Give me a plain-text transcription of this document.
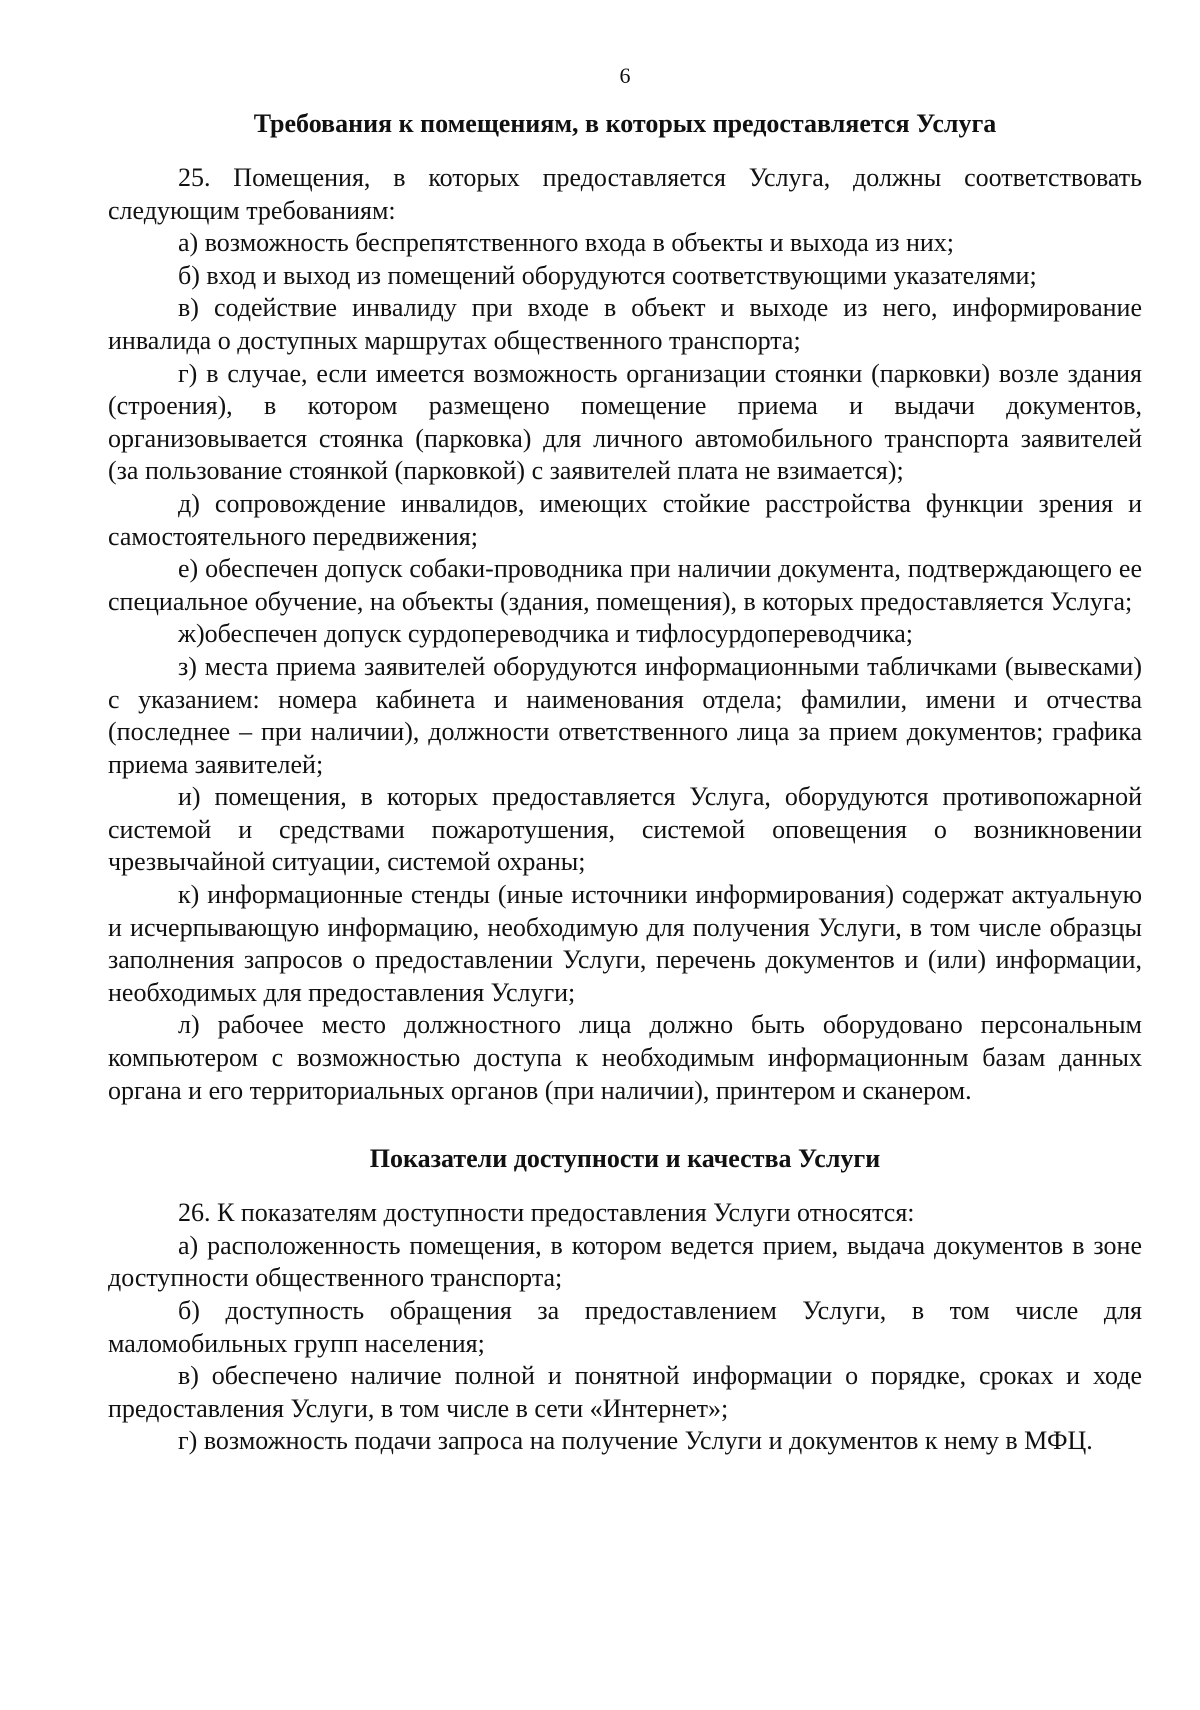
6
Требования к помещениям, в которых предоставляется Услуга

25. Помещения, в которых предоставляется Услуга, должны соответствовать следующим требованиям:

а) возможность беспрепятственного входа в объекты и выхода из них;

б) вход и выход из помещений оборудуются соответствующими указателями;

в) содействие инвалиду при входе в объект и выходе из него, информирование инвалида о доступных маршрутах общественного транспорта;

г) в случае, если имеется возможность организации стоянки (парковки) возле здания (строения), в котором размещено помещение приема и выдачи документов, организовывается стоянка (парковка) для личного автомобильного транспорта заявителей (за пользование стоянкой (парковкой) с заявителей плата не взимается);

д) сопровождение инвалидов, имеющих стойкие расстройства функции зрения и самостоятельного передвижения;

е) обеспечен допуск собаки-проводника при наличии документа, подтверждающего ее специальное обучение, на объекты (здания, помещения), в которых предоставляется Услуга;

ж)обеспечен допуск сурдопереводчика и тифлосурдопереводчика;

з) места приема заявителей оборудуются информационными табличками (вывесками) с указанием: номера кабинета и наименования отдела; фамилии, имени и отчества (последнее – при наличии), должности ответственного лица за прием документов; графика приема заявителей;

и) помещения, в которых предоставляется Услуга, оборудуются противопожарной системой и средствами пожаротушения, системой оповещения о возникновении чрезвычайной ситуации, системой охраны;

к) информационные стенды (иные источники информирования) содержат актуальную и исчерпывающую информацию, необходимую для получения Услуги, в том числе образцы заполнения запросов о предоставлении Услуги, перечень документов и (или) информации, необходимых для предоставления Услуги;

л) рабочее место должностного лица должно быть оборудовано персональным компьютером с возможностью доступа к необходимым информационным базам данных органа и его территориальных органов (при наличии), принтером и сканером.

Показатели доступности и качества Услуги

26. К показателям доступности предоставления Услуги относятся:

а) расположенность помещения, в котором ведется прием, выдача документов в зоне доступности общественного транспорта;

б) доступность обращения за предоставлением Услуги, в том числе для маломобильных групп населения;

в) обеспечено наличие полной и понятной информации о порядке, сроках и ходе предоставления Услуги, в том числе в сети «Интернет»;

г) возможность подачи запроса на получение Услуги и документов к нему в МФЦ.
